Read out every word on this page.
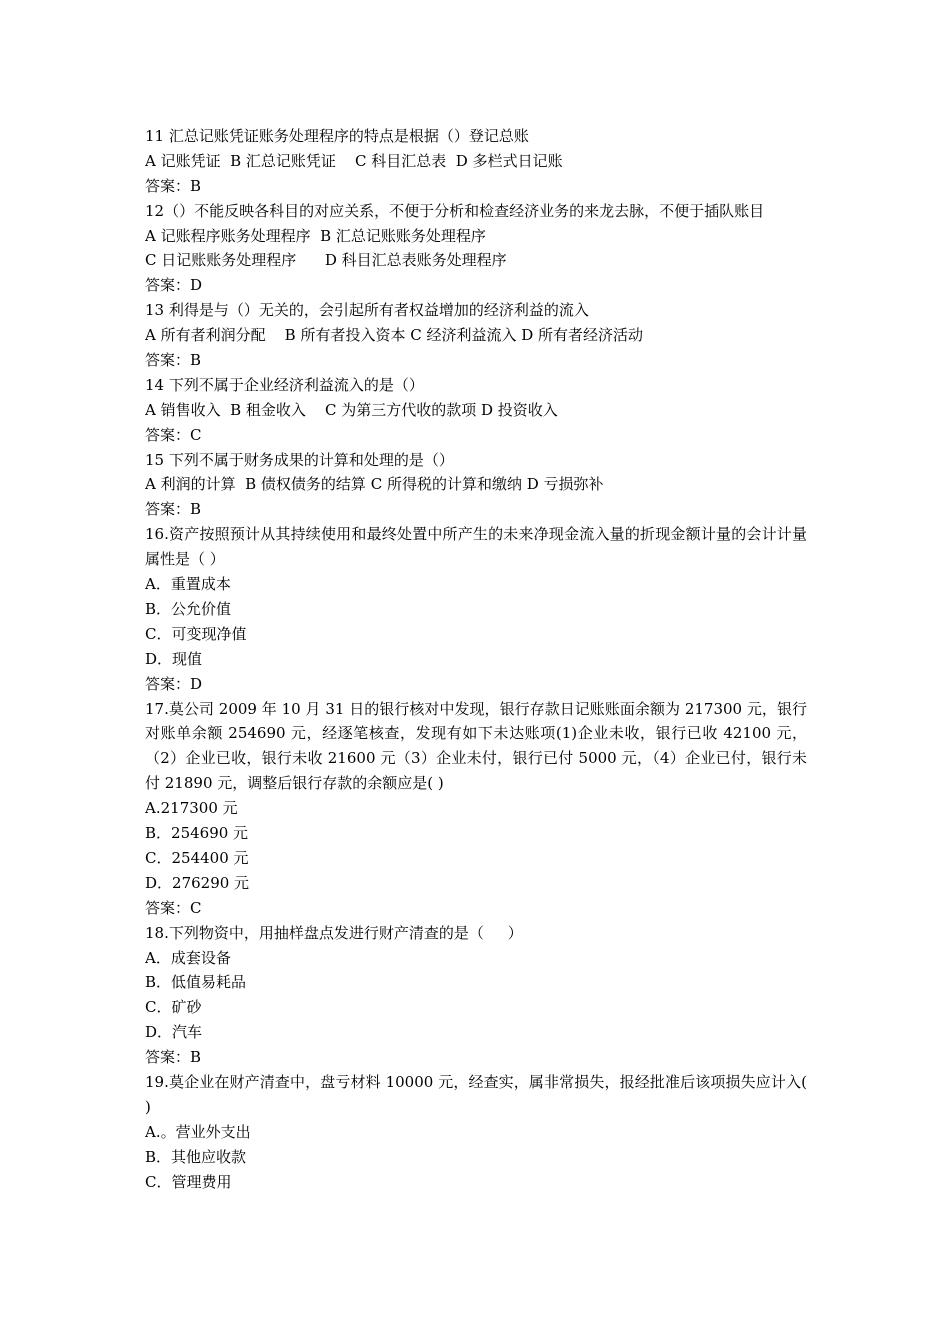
11 汇总记账凭证账务处理程序的特点是根据（）登记总账
A 记账凭证  B 汇总记账凭证    C 科目汇总表  D 多栏式日记账
答案：B
12（）不能反映各科目的对应关系，不便于分析和检查经济业务的来龙去脉，不便于插队账目
A 记账程序账务处理程序  B 汇总记账账务处理程序
C 日记账账务处理程序      D 科目汇总表账务处理程序
答案：D
13 利得是与（）无关的，会引起所有者权益增加的经济利益的流入
A 所有者利润分配    B 所有者投入资本 C 经济利益流入 D 所有者经济活动
答案：B
14 下列不属于企业经济利益流入的是（）
A 销售收入  B 租金收入    C 为第三方代收的款项 D 投资收入
答案：C
15 下列不属于财务成果的计算和处理的是（）
A 利润的计算  B 债权债务的结算 C 所得税的计算和缴纳 D 亏损弥补
答案：B
16.资产按照预计从其持续使用和最终处置中所产生的未来净现金流入量的折现金额计量的会计计量属性是（ ）
A．重置成本
B．公允价值
C．可变现净值
D．现值
答案：D
17.莫公司 2009 年 10 月 31 日的银行核对中发现，银行存款日记账账面余额为 217300 元，银行对账单余额 254690 元，经逐笔核查，发现有如下未达账项(1)企业未收，银行已收 42100 元，（2）企业已收，银行未收 21600 元（3）企业未付，银行已付 5000 元，（4）企业已付，银行未付 21890 元，调整后银行存款的余额应是( )
A.217300 元
B．254690 元
C．254400 元
D．276290 元
答案：C
18.下列物资中，用抽样盘点发进行财产清查的是（     ）
A．成套设备
B．低值易耗品
C．矿砂
D．汽车
答案：B
19.莫企业在财产清查中，盘亏材料 10000 元，经查实，属非常损失，报经批准后该项损失应计入( )
A.。营业外支出
B．其他应收款
C．管理费用
